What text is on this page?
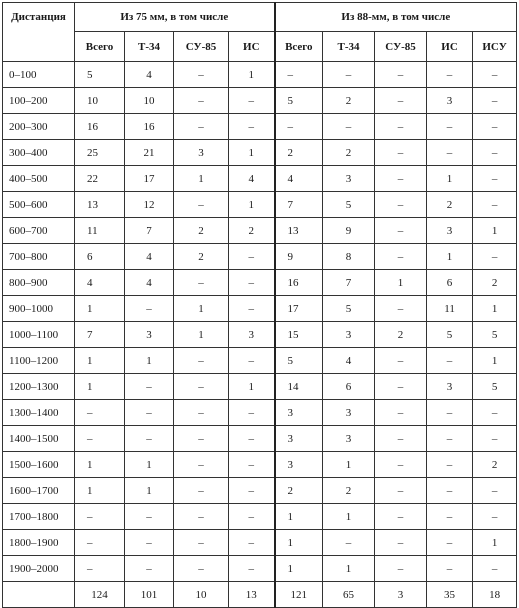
Дистанция	Из 75 мм, в том числе				Из 88-мм, в том числе				
	Всего	Т-34	СУ-85	ИС	Всего	Т-34	СУ-85	ИС	ИСУ
0–100	5	4	–	1	–	–	–	–	–
100–200	10	10	–	–	5	2	–	3	–
200–300	16	16	–	–	–	–	–	–	–
300–400	25	21	3	1	2	2	–	–	–
400–500	22	17	1	4	4	3	–	1	–
500–600	13	12	–	1	7	5	–	2	–
600–700	11	7	2	2	13	9	–	3	1
700–800	6	4	2	–	9	8	–	1	–
800–900	4	4	–	–	16	7	1	6	2
900–1000	1	–	1	–	17	5	–	11	1
1000–1100	7	3	1	3	15	3	2	5	5
1100–1200	1	1	–	–	5	4	–	–	1
1200–1300	1	–	–	1	14	6	–	3	5
1300–1400	–	–	–	–	3	3	–	–	–
1400–1500	–	–	–	–	3	3	–	–	–
1500–1600	1	1	–	–	3	1	–	–	2
1600–1700	1	1	–	–	2	2	–	–	–
1700–1800	–	–	–	–	1	1	–	–	–
1800–1900	–	–	–	–	1	–	–	–	1
1900–2000	–	–	–	–	1	1	–	–	–
	124	101	10	13	121	65	3	35	18
